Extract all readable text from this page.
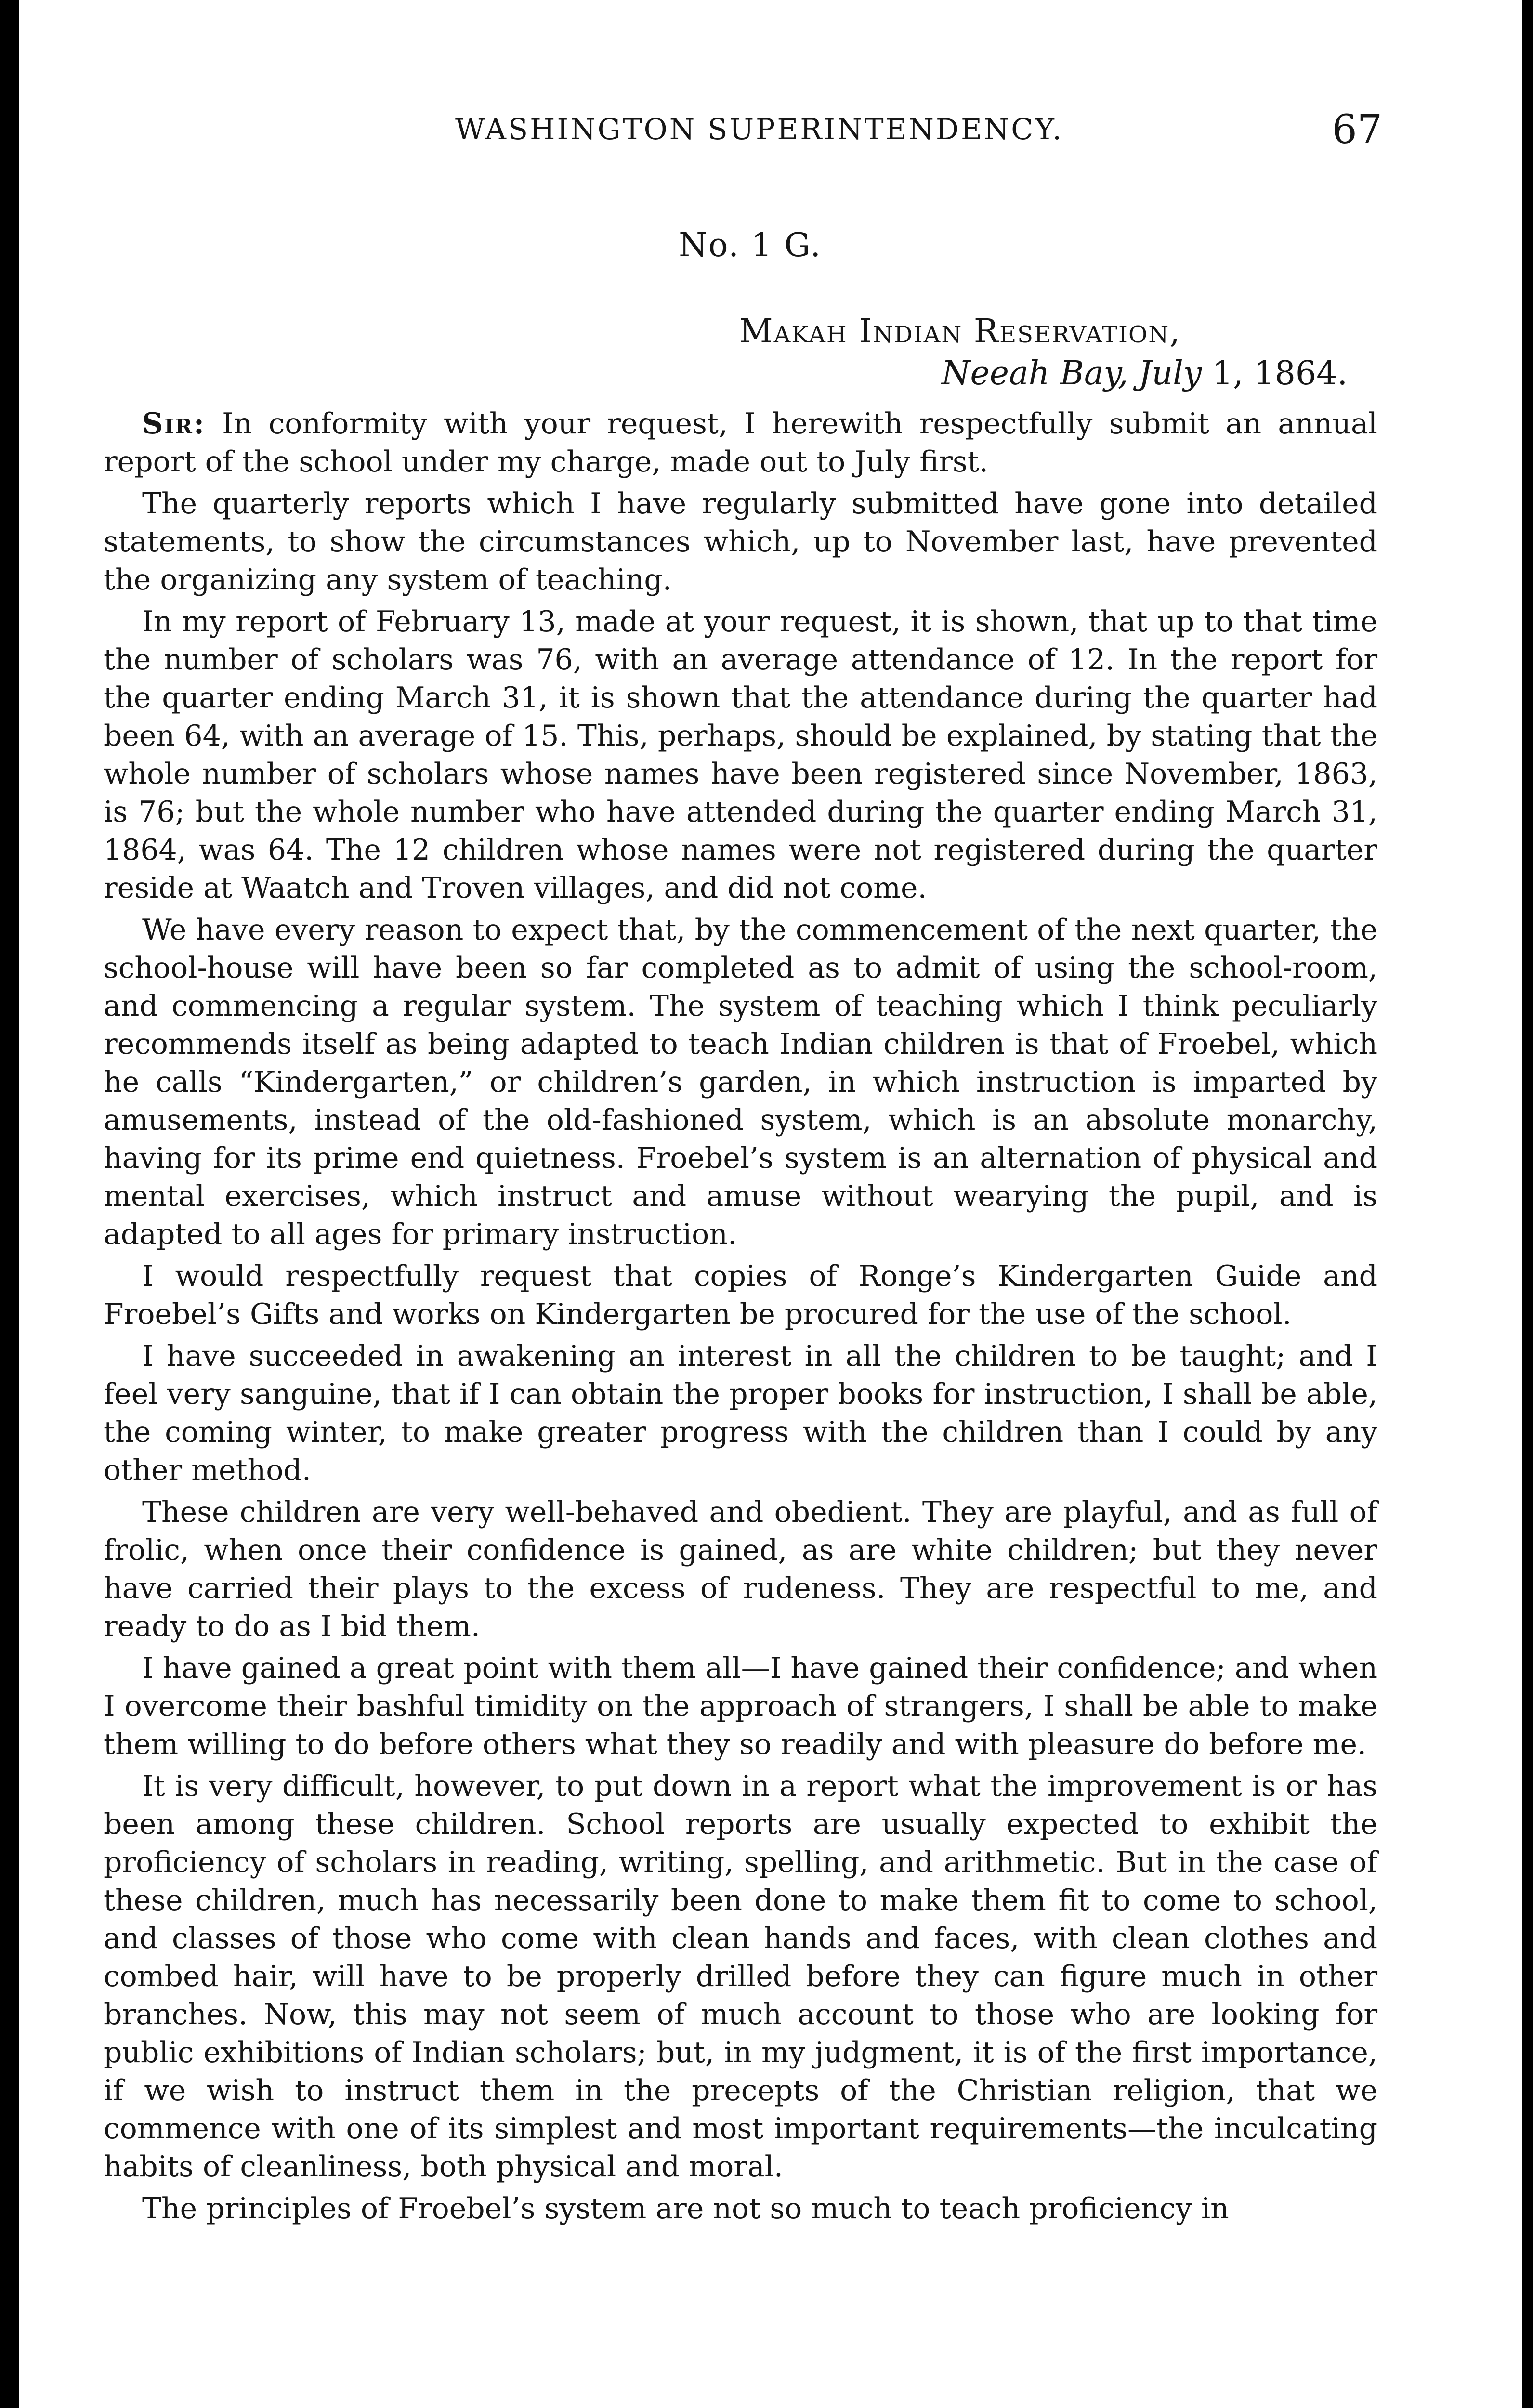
WASHINGTON SUPERINTENDENCY.	67
No. 1 G.
Makah Indian Reservation,
Neeah Bay, July 1, 1864.

Sir: In conformity with your request, I herewith respectfully submit an annual report of the school under my charge, made out to July first.

The quarterly reports which I have regularly submitted have gone into detailed statements, to show the circumstances which, up to November last, have prevented the organizing any system of teaching.

In my report of February 13, made at your request, it is shown, that up to that time the number of scholars was 76, with an average attendance of 12. In the report for the quarter ending March 31, it is shown that the attendance during the quarter had been 64, with an average of 15. This, perhaps, should be explained, by stating that the whole number of scholars whose names have been registered since November, 1863, is 76; but the whole number who have attended during the quarter ending March 31, 1864, was 64. The 12 children whose names were not registered during the quarter reside at Waatch and Troven villages, and did not come.

We have every reason to expect that, by the commencement of the next quarter, the school-house will have been so far completed as to admit of using the school-room, and commencing a regular system. The system of teaching which I think peculiarly recommends itself as being adapted to teach Indian children is that of Froebel, which he calls “Kindergarten,” or children’s garden, in which instruction is imparted by amusements, instead of the old-fashioned system, which is an absolute monarchy, having for its prime end quietness. Froebel’s system is an alternation of physical and mental exercises, which instruct and amuse without wearying the pupil, and is adapted to all ages for primary instruction.

I would respectfully request that copies of Ronge’s Kindergarten Guide and Froebel’s Gifts and works on Kindergarten be procured for the use of the school.

I have succeeded in awakening an interest in all the children to be taught; and I feel very sanguine, that if I can obtain the proper books for instruction, I shall be able, the coming winter, to make greater progress with the children than I could by any other method.

These children are very well-behaved and obedient. They are playful, and as full of frolic, when once their confidence is gained, as are white children; but they never have carried their plays to the excess of rudeness. They are respectful to me, and ready to do as I bid them.

I have gained a great point with them all—I have gained their confidence; and when I overcome their bashful timidity on the approach of strangers, I shall be able to make them willing to do before others what they so readily and with pleasure do before me.

It is very difficult, however, to put down in a report what the improvement is or has been among these children. School reports are usually expected to exhibit the proficiency of scholars in reading, writing, spelling, and arithmetic. But in the case of these children, much has necessarily been done to make them fit to come to school, and classes of those who come with clean hands and faces, with clean clothes and combed hair, will have to be properly drilled before they can figure much in other branches. Now, this may not seem of much account to those who are looking for public exhibitions of Indian scholars; but, in my judgment, it is of the first importance, if we wish to instruct them in the precepts of the Christian religion, that we commence with one of its simplest and most important requirements—the inculcating habits of cleanliness, both physical and moral.

The principles of Froebel’s system are not so much to teach proficiency in
